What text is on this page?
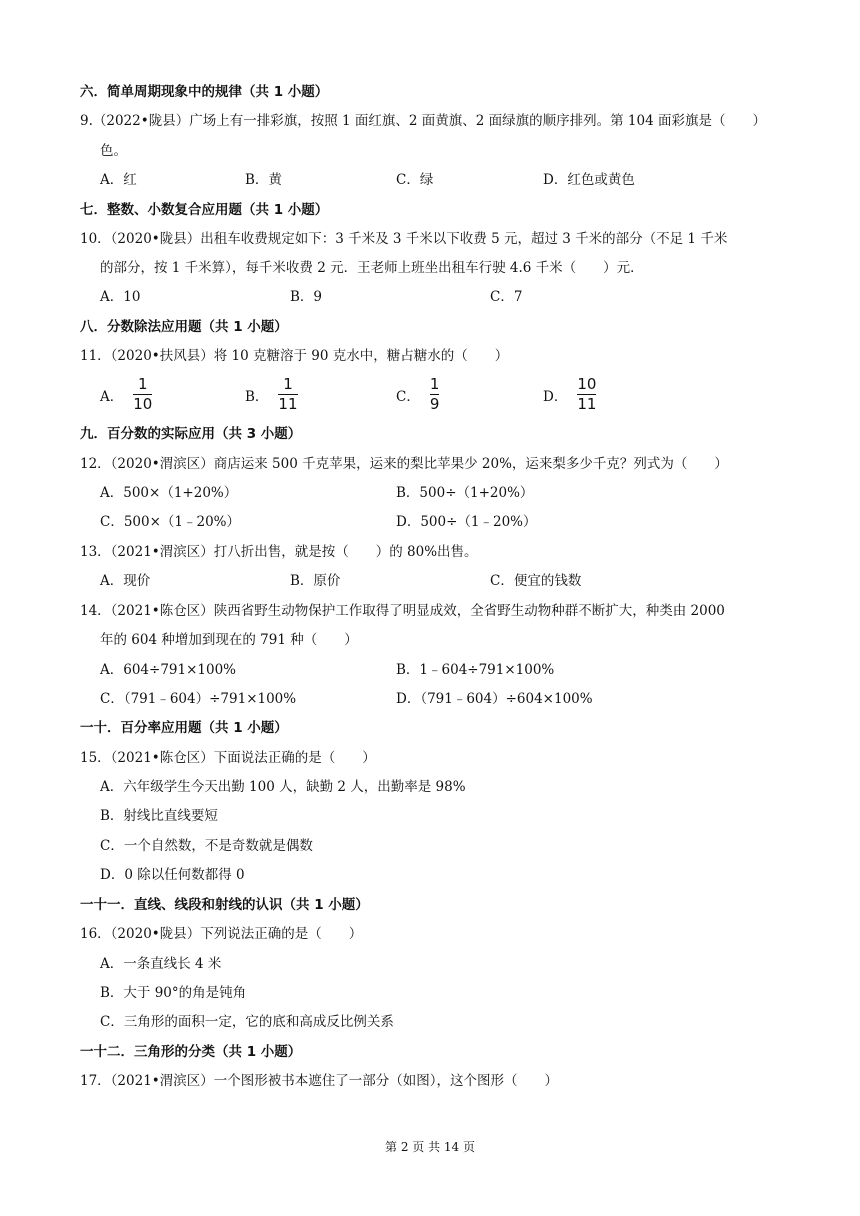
六．简单周期现象中的规律（共 1 小题）
9.（2022•陇县）广场上有一排彩旗，按照 1 面红旗、2 面黄旗、2 面绿旗的顺序排列。第 104 面彩旗是（　　）
色。
A．红	B．黄	C．绿	D．红色或黄色
七．整数、小数复合应用题（共 1 小题）
10．（2020•陇县）出租车收费规定如下：3 千米及 3 千米以下收费 5 元，超过 3 千米的部分（不足 1 千米
的部分，按 1 千米算），每千米收费 2 元．王老师上班坐出租车行驶 4.6 千米（　　）元．
A．10	B．9	C．7
八．分数除法应用题（共 1 小题）
11．（2020•扶风县）将 10 克糖溶于 90 克水中，糖占糖水的（　　）
A．
1
10	B．
1
11	C．
1
9	D．
10
11
九．百分数的实际应用（共 3 小题）
12．（2020•渭滨区）商店运来 500 千克苹果，运来的梨比苹果少 20%，运来梨多少千克？列式为（　　）
A．500×（1+20%）	B．500÷（1+20%）
C．500×（1﹣20%）	D．500÷（1﹣20%）
13．（2021•渭滨区）打八折出售，就是按（　　）的 80%出售。
A．现价	B．原价	C．便宜的钱数
14．（2021•陈仓区）陕西省野生动物保护工作取得了明显成效，全省野生动物种群不断扩大，种类由 2000
年的 604 种增加到现在的 791 种（　　）
A．604÷791×100%	B．1﹣604÷791×100%
C．（791﹣604）÷791×100%	D．（791﹣604）÷604×100%
一十．百分率应用题（共 1 小题）
15．（2021•陈仓区）下面说法正确的是（　　）
A．六年级学生今天出勤 100 人，缺勤 2 人，出勤率是 98%
B．射线比直线要短
C．一个自然数，不是奇数就是偶数
D．0 除以任何数都得 0
一十一．直线、线段和射线的认识（共 1 小题）
16．（2020•陇县）下列说法正确的是（　　）
A．一条直线长 4 米
B．大于 90°的角是钝角
C．三角形的面积一定，它的底和高成反比例关系
一十二．三角形的分类（共 1 小题）
17．（2021•渭滨区）一个图形被书本遮住了一部分（如图），这个图形（　　）
第 2 页 共 14 页
